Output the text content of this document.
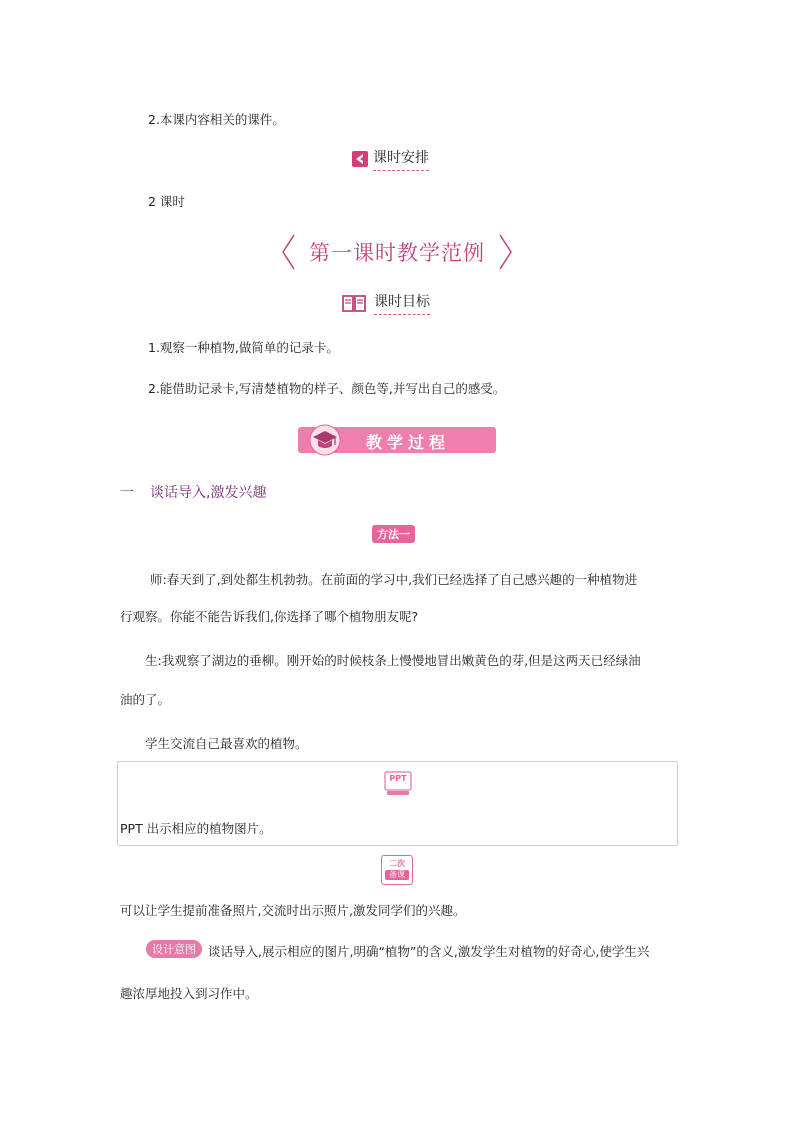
2.本课内容相关的课件。
课时安排
2 课时
第一课时教学范例
课时目标
1.观察一种植物,做简单的记录卡。
2.能借助记录卡,写清楚植物的样子、颜色等,并写出自己的感受。
教学过程
一 谈话导入,激发兴趣
方法一
师:春天到了,到处都生机勃勃。在前面的学习中,我们已经选择了自己感兴趣的一种植物进
行观察。你能不能告诉我们,你选择了哪个植物朋友呢?
生:我观察了湖边的垂柳。刚开始的时候枝条上慢慢地冒出嫩黄色的芽,但是这两天已经绿油
油的了。
学生交流自己最喜欢的植物。
PPT
PPT 出示相应的植物图片。
二次
备课
可以让学生提前准备照片,交流时出示照片,激发同学们的兴趣。
设计意图 谈话导入,展示相应的图片,明确“植物”的含义,激发学生对植物的好奇心,使学生兴
趣浓厚地投入到习作中。
